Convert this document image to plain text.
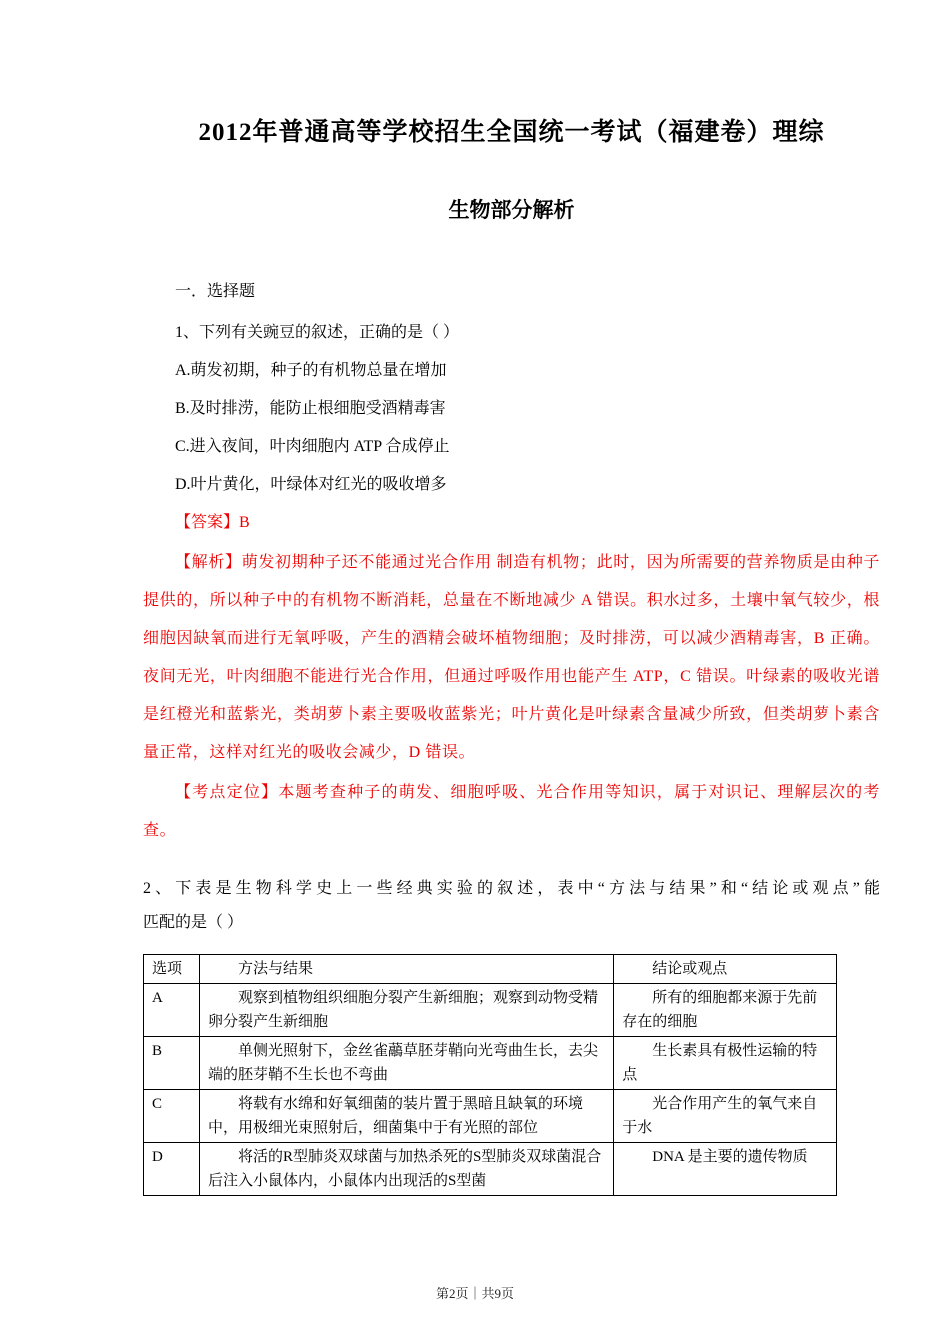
2012年普通高等学校招生全国统一考试（福建卷）理综
生物部分解析

一．选择题

1、下列有关豌豆的叙述，正确的是（ ）

A.萌发初期，种子的有机物总量在增加

B.及时排涝，能防止根细胞受酒精毒害

C.进入夜间，叶肉细胞内 ATP 合成停止

D.叶片黄化，叶绿体对红光的吸收增多

【答案】B

【解析】萌发初期种子还不能通过光合作用 制造有机物；此时，因为所需要的营养物质是由种子提供的，所以种子中的有机物不断消耗，总量在不断地减少 A 错误。积水过多，土壤中氧气较少，根细胞因缺氧而进行无氧呼吸，产生的酒精会破坏植物细胞；及时排涝，可以减少酒精毒害，B 正确。夜间无光，叶肉细胞不能进行光合作用，但通过呼吸作用也能产生 ATP，C 错误。叶绿素的吸收光谱是红橙光和蓝紫光，类胡萝卜素主要吸收蓝紫光；叶片黄化是叶绿素含量减少所致，但类胡萝卜素含量正常，这样对红光的吸收会减少，D 错误。

【考点定位】本题考查种子的萌发、细胞呼吸、光合作用等知识，属于对识记、理解层次的考查。

2、下表是生物科学史上一些经典实验的叙述，表中“方法与结果”和“结论或观点”能

匹配的是（ ）

选项	方法与结果	结论或观点
A	观察到植物组织细胞分裂产生新细胞；观察到动物受精卵分裂产生新细胞	所有的细胞都来源于先前存在的细胞
B	单侧光照射下，金丝雀虉草胚芽鞘向光弯曲生长，去尖端的胚芽鞘不生长也不弯曲	生长素具有极性运输的特点
C	将载有水绵和好氧细菌的装片置于黑暗且缺氧的环境中，用极细光束照射后，细菌集中于有光照的部位	光合作用产生的氧气来自于水
D	将活的R型肺炎双球菌与加热杀死的S型肺炎双球菌混合后注入小鼠体内，小鼠体内出现活的S型菌	DNA 是主要的遗传物质
第2页｜共9页
